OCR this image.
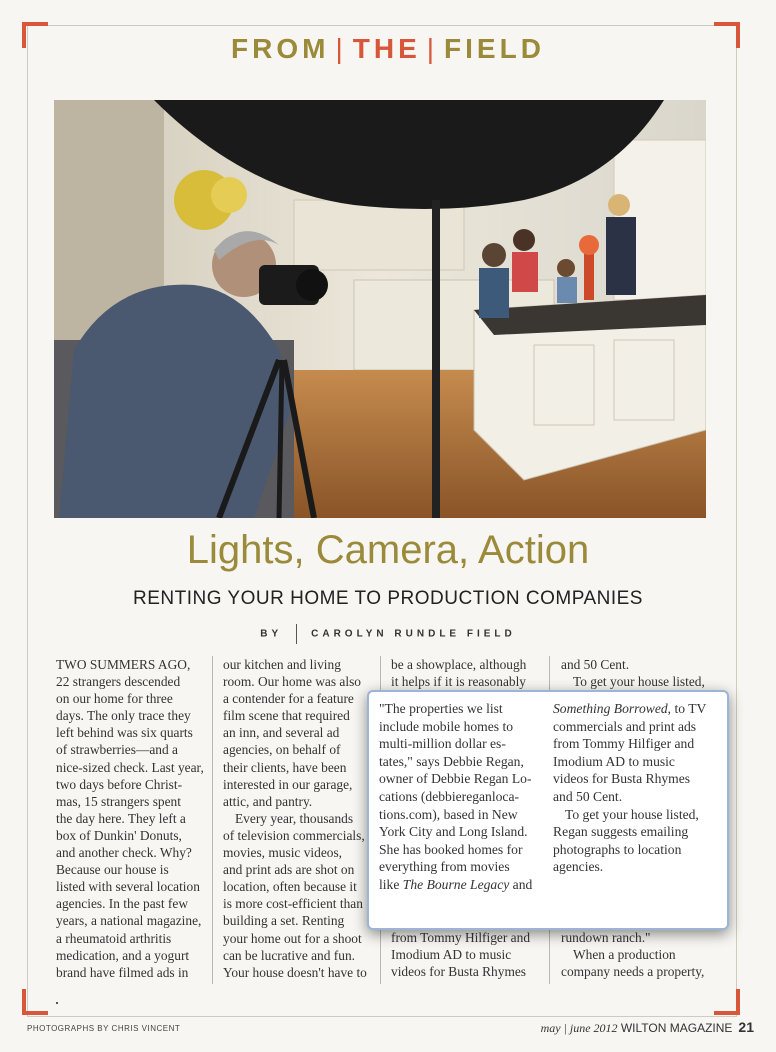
FROM | THE | FIELD
Lights, Camera, Action
RENTING YOUR HOME TO PRODUCTION COMPANIES
BY	CAROLYN RUNDLE FIELD

TWO SUMMERS AGO,

22 strangers descended

on our home for three

days. The only trace they

left behind was six quarts

of strawberries—and a

nice-sized check. Last year,

two days before Christ-

mas, 15 strangers spent

the day here. They left a

box of Dunkin' Donuts,

and another check. Why?

Because our house is

listed with several location

agencies. In the past few

years, a national magazine,

a rheumatoid arthritis

medication, and a yogurt

brand have filmed ads in

our kitchen and living

room. Our home was also

a contender for a feature

film scene that required

an inn, and several ad

agencies, on behalf of

their clients, have been

interested in our garage,

attic, and pantry.

Every year, thousands

of television commercials,

movies, music videos,

and print ads are shot on

location, often because it

is more cost-efficient than

building a set. Renting

your home out for a shoot

can be lucrative and fun.

Your house doesn't have to

be a showplace, although

it helps if it is reasonably

from Tommy Hilfiger and

Imodium AD to music

videos for Busta Rhymes

and 50 Cent.

To get your house listed,

rundown ranch."

When a production

company needs a property,

"The properties we list

include mobile homes to

multi-million dollar es-

tates," says Debbie Regan,

owner of Debbie Regan Lo-

cations (debbiereganloca-

tions.com), based in New

York City and Long Island.

She has booked homes for

everything from movies

like The Bourne Legacy and

Something Borrowed, to TV

commercials and print ads

from Tommy Hilfiger and

Imodium AD to music

videos for Busta Rhymes

and 50 Cent.

To get your house listed,

Regan suggests emailing

photographs to location

agencies.

PHOTOGRAPHS BY CHRIS VINCENT	may | june 2012 WILTON MAGAZINE 21
